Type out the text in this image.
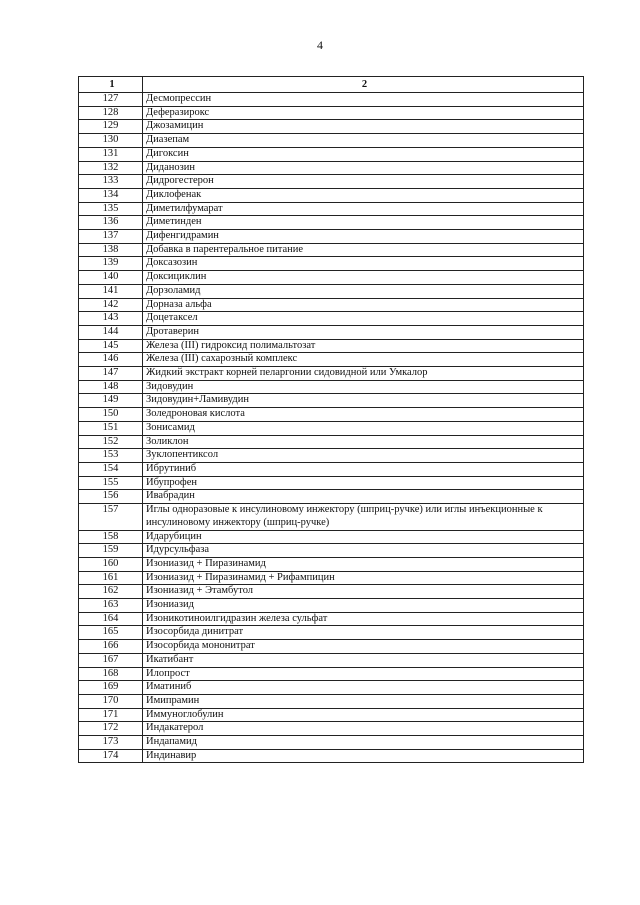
4
1	2
127	Десмопрессин
128	Деферазирокс
129	Джозамицин
130	Диазепам
131	Дигоксин
132	Диданозин
133	Дидрогестерон
134	Диклофенак
135	Диметилфумарат
136	Диметинден
137	Дифенгидрамин
138	Добавка в парентеральное питание
139	Доксазозин
140	Доксициклин
141	Дорзоламид
142	Дорназа альфа
143	Доцетаксел
144	Дротаверин
145	Железа (III) гидроксид полимальтозат
146	Железа (III) сахарозный комплекс
147	Жидкий экстракт корней пеларгонии сидовидной или Умкалор
148	Зидовудин
149	Зидовудин+Ламивудин
150	Золедроновая кислота
151	Зонисамид
152	Золиклон
153	Зуклопентиксол
154	Ибрутиниб
155	Ибупрофен
156	Ивабрадин
157	Иглы одноразовые к инсулиновому инжектору (шприц-ручке) или иглы инъекционные к инсулиновому инжектору (шприц-ручке)
158	Идарубицин
159	Идурсульфаза
160	Изониазид + Пиразинамид
161	Изониазид + Пиразинамид + Рифампицин
162	Изониазид + Этамбутол
163	Изониазид
164	Изоникотиноилгидразин железа сульфат
165	Изосорбида динитрат
166	Изосорбида мононитрат
167	Икатибант
168	Илопрост
169	Иматиниб
170	Имипрамин
171	Иммуноглобулин
172	Индакатерол
173	Индапамид
174	Индинавир
